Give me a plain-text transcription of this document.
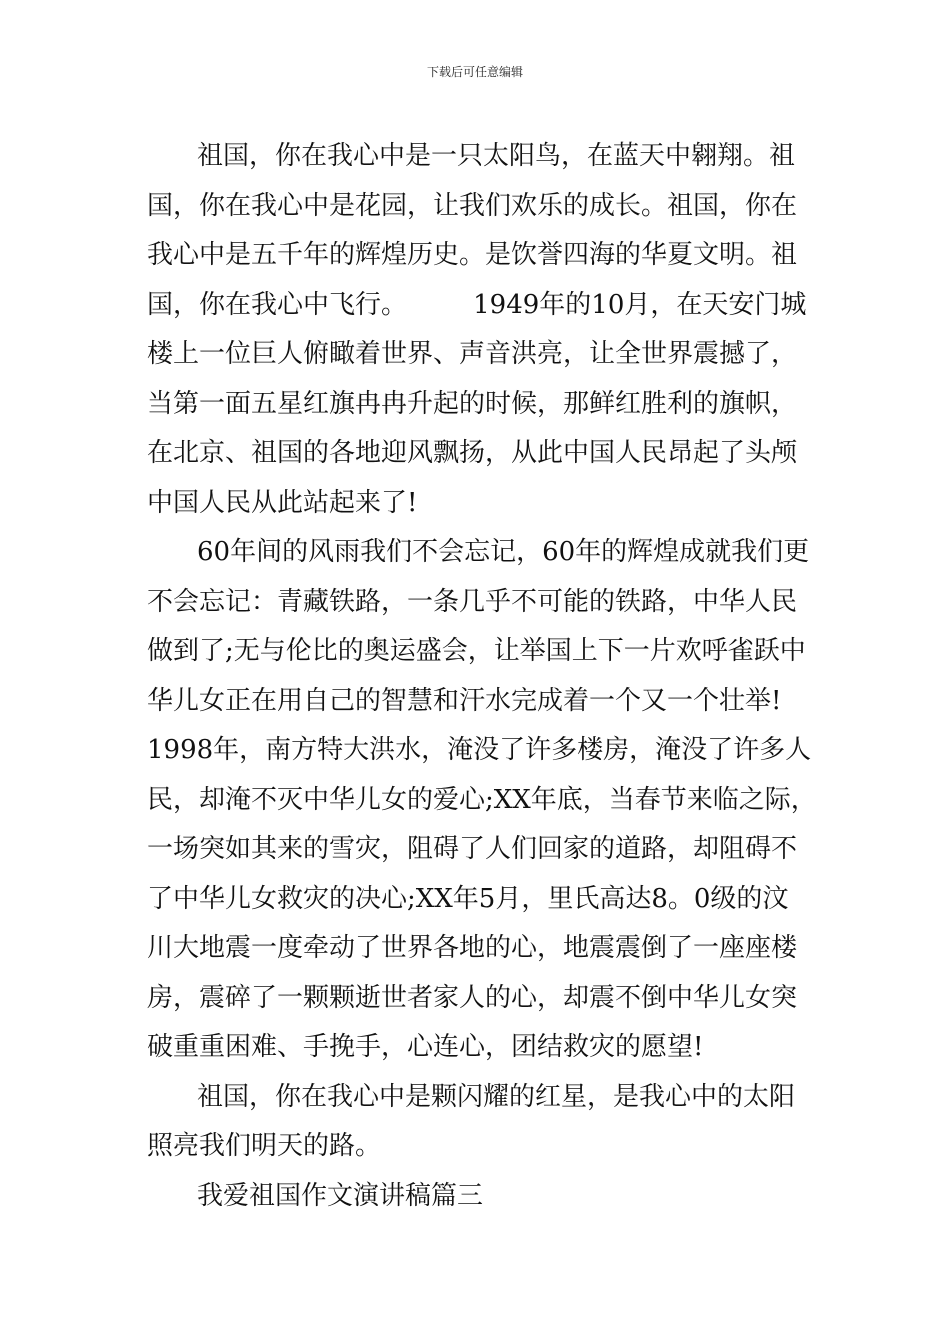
下载后可任意编辑
祖国，你在我心中是一只太阳鸟，在蓝天中翱翔。祖
国，你在我心中是花园，让我们欢乐的成长。祖国，你在
我心中是五千年的辉煌历史。是饮誉四海的华夏文明。祖
国，你在我心中飞行。        1949年的10月，在天安门城
楼上一位巨人俯瞰着世界、声音洪亮，让全世界震撼了，
当第一面五星红旗冉冉升起的时候，那鲜红胜利的旗帜，
在北京、祖国的各地迎风飘扬，从此中国人民昂起了头颅
中国人民从此站起来了!
60年间的风雨我们不会忘记，60年的辉煌成就我们更
不会忘记：青藏铁路，一条几乎不可能的铁路，中华人民
做到了;无与伦比的奥运盛会，让举国上下一片欢呼雀跃中
华儿女正在用自己的智慧和汗水完成着一个又一个壮举!
1998年，南方特大洪水，淹没了许多楼房，淹没了许多人
民，却淹不灭中华儿女的爱心;XX年底，当春节来临之际，
一场突如其来的雪灾，阻碍了人们回家的道路，却阻碍不
了中华儿女救灾的决心;XX年5月，里氏高达8。0级的汶
川大地震一度牵动了世界各地的心，地震震倒了一座座楼
房，震碎了一颗颗逝世者家人的心，却震不倒中华儿女突
破重重困难、手挽手，心连心，团结救灾的愿望!
祖国，你在我心中是颗闪耀的红星，是我心中的太阳
照亮我们明天的路。
我爱祖国作文演讲稿篇三
